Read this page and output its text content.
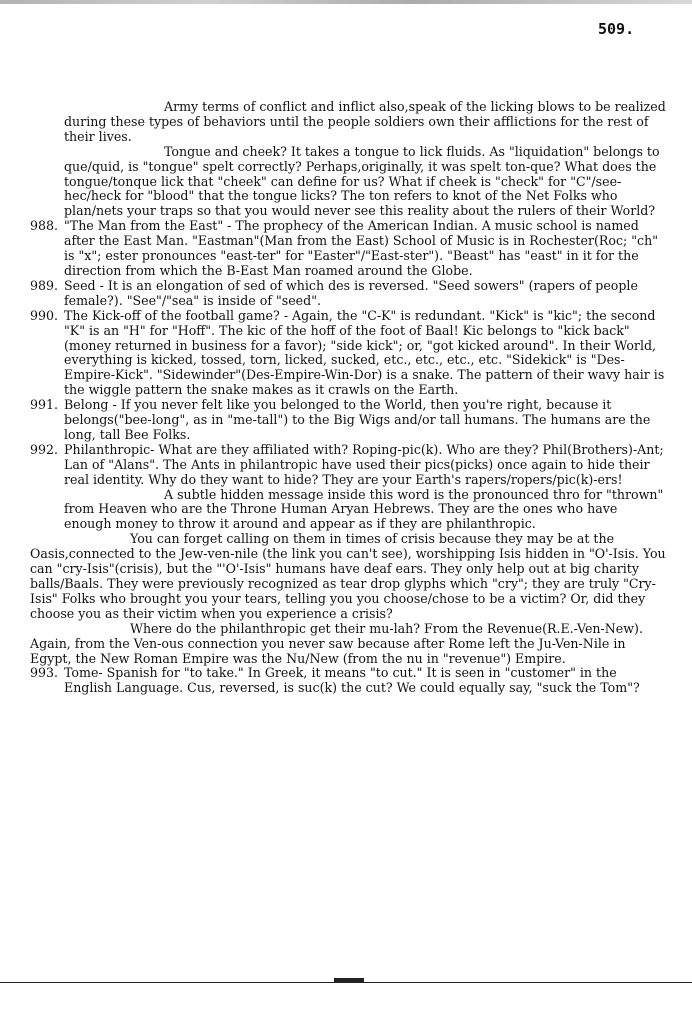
509.

Army terms of conflict and inflict also,speak of the licking blows to be realized during these types of behaviors until the people soldiers own their afflictions for the rest of their lives.

Tongue and cheek? It takes a tongue to lick fluids. As "liquidation" belongs to que/quid, is "tongue" spelt correctly? Perhaps,originally, it was spelt ton-que? What does the tongue/tonque lick that "cheek" can define for us? What if cheek is "check" for "C"/see-hec/heck for "blood" that the tongue licks? The ton refers to knot of the Net Folks who plan/nets your traps so that you would never see this reality about the rulers of their World?

988. "The Man from the East" - The prophecy of the American Indian. A music school is named after the East Man. "Eastman"(Man from the East) School of Music is in Rochester(Roc; "ch" is "x"; ester pronounces "east-ter" for "Easter"/"East-ster"). "Beast" has "east" in it for the direction from which the B-East Man roamed around the Globe.

989. Seed - It is an elongation of sed of which des is reversed. "Seed sowers" (rapers of people female?). "See"/"sea" is inside of "seed".

990. The Kick-off of the football game? - Again, the "C-K" is redundant. "Kick" is "kic"; the second "K" is an "H" for "Hoff". The kic of the hoff of the foot of Baal! Kic belongs to "kick back" (money returned in business for a favor); "side kick"; or, "got kicked around". In their World, everything is kicked, tossed, torn, licked, sucked, etc., etc., etc., etc. "Sidekick" is "Des-Empire-Kick". "Sidewinder"(Des-Empire-Win-Dor) is a snake. The pattern of their wavy hair is the wiggle pattern the snake makes as it crawls on the Earth.

991. Belong - If you never felt like you belonged to the World, then you're right, because it belongs("bee-long", as in "me-tall") to the Big Wigs and/or tall humans. The humans are the long, tall Bee Folks.

992. Philanthropic- What are they affiliated with? Roping-pic(k). Who are they? Phil(Brothers)-Ant; Lan of "Alans". The Ants in philantropic have used their pics(picks) once again to hide their real identity. Why do they want to hide? They are your Earth's rapers/ropers/pic(k)-ers!

A subtle hidden message inside this word is the pronounced thro for "thrown" from Heaven who are the Throne Human Aryan Hebrews. They are the ones who have enough money to throw it around and appear as if they are philanthropic.

You can forget calling on them in times of crisis because they may be at the Oasis,connected to the Jew-ven-nile (the link you can't see), worshipping Isis hidden in "O'-Isis. You can "cry-Isis"(crisis), but the "'O'-Isis" humans have deaf ears. They only help out at big charity balls/Baals. They were previously recognized as tear drop glyphs which "cry"; they are truly "Cry-Isis" Folks who brought you your tears, telling you you choose/chose to be a victim? Or, did they choose you as their victim when you experience a crisis?

Where do the philanthropic get their mu-lah? From the Revenue(R.E.-Ven-New). Again, from the Ven-ous connection you never saw because after Rome left the Ju-Ven-Nile in Egypt, the New Roman Empire was the Nu/New (from the nu in "revenue") Empire.

993. Tome- Spanish for "to take." In Greek, it means "to cut." It is seen in "customer" in the English Language. Cus, reversed, is suc(k) the cut? We could equally say, "suck the Tom"?
